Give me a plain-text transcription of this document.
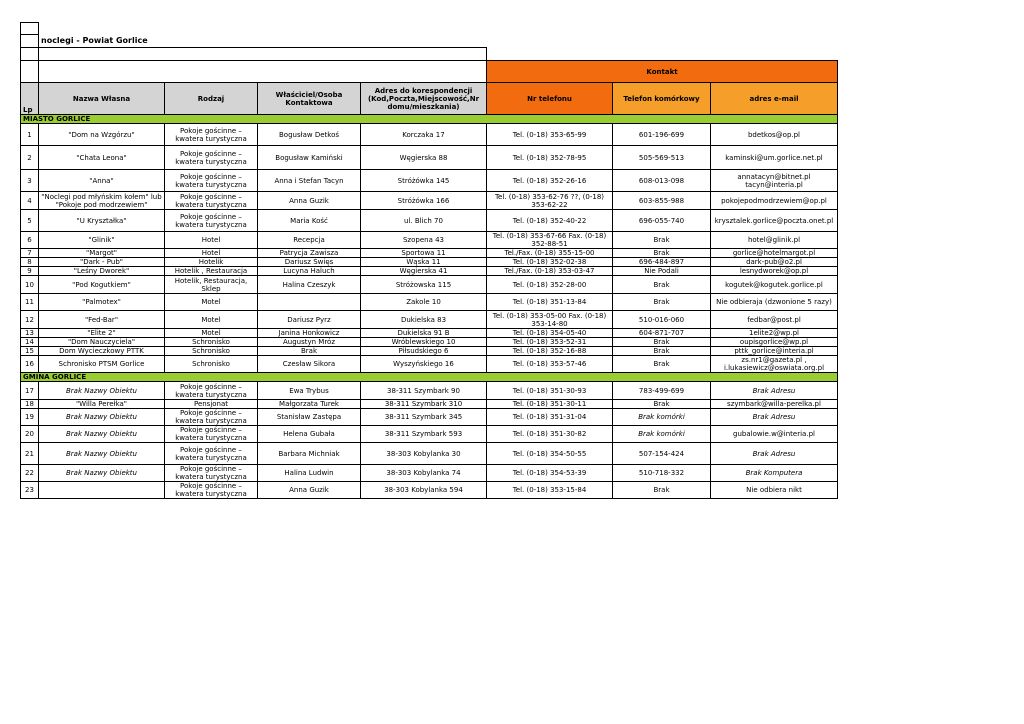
	noclegi - Powiat Gorlice						

					Kontakt		
Lp	Nazwa Własna	Rodzaj	Właściciel/Osoba Kontaktowa	Adres do korespondencji (Kod,Poczta,Miejscowość,Nr domu/mieszkania)	Nr telefonu	Telefon komórkowy	adres e-mail
MIASTO GORLICE							
1	"Dom na Wzgórzu"	Pokoje gościnne – kwatera turystyczna	Bogusław Detkoś	Korczaka 17	Tel. (0-18) 353-65-99	601-196-699	bdetkos@op.pl
2	"Chata Leona"	Pokoje gościnne – kwatera turystyczna	Bogusław Kamiński	Węgierska 88	Tel. (0-18) 352-78-95	505-569-513	kaminski@um.gorlice.net.pl
3	"Anna"	Pokoje gościnne – kwatera turystyczna	Anna i Stefan Tacyn	Stróżówka 145	Tel. (0-18) 352-26-16	608-013-098	annatacyn@bitnet.pl tacyn@interia.pl
4	"Noclegi pod młyńskim kołem" lub "Pokoje pod modrzewiem"	Pokoje gościnne – kwatera turystyczna	Anna Guzik	Stróżówka 166	Tel. (0-18) 353-62-76 ??, (0-18) 353-62-22	603-855-988	pokojepodmodrzewiem@op.pl
5	"U Kryształka"	Pokoje gościnne – kwatera turystyczna	Maria Kość	ul. Blich 70	Tel. (0-18) 352-40-22	696-055-740	krysztalek.gorlice@poczta.onet.pl
6	"Glinik"	Hotel	Recepcja	Szopena 43	Tel. (0-18) 353-67-66 Fax. (0-18) 352-88-51	Brak	hotel@glinik.pl
7	"Margot"	Hotel	Patrycja Zawisza	Sportowa 11	Tel./Fax. (0-18) 355-15-00	Brak	gorlice@hotelmargot.pl
8	"Dark - Pub"	Hotelik	Dariusz Święs	Wąska 11	Tel. (0-18) 352-02-38	696-484-897	dark-pub@o2.pl
9	"Leśny Dworek"	Hotelik , Restauracja	Lucyna Haluch	Węgierska 41	Tel./Fax. (0-18) 353-03-47	Nie Podali	lesnydworek@op.pl
10	"Pod Kogutkiem"	Hotelik, Restauracja, Sklep	Halina Czeszyk	Stróżowska 115	Tel. (0-18) 352-28-00	Brak	kogutek@kogutek.gorlice.pl
11	"Palmotex"	Motel		Zakole 10	Tel. (0-18) 351-13-84	Brak	Nie odbieraja (dzwonione 5 razy)
12	"Fed-Bar"	Motel	Dariusz Pyrz	Dukielska 83	Tel. (0-18) 353-05-00 Fax. (0-18) 353-14-80	510-016-060	fedbar@post.pl
13	"Elite 2"	Motel	Janina Honkowicz	Dukielska 91 B	Tel. (0-18) 354-05-40	604-871-707	1elite2@wp.pl
14	"Dom Nauczyciela"	Schronisko	Augustyn Mróz	Wróblewskiego 10	Tel. (0-18) 353-52-31	Brak	oupisgorlice@wp.pl
15	Dom Wycieczkowy PTTK	Schronisko	Brak	Piłsudskiego 6	Tel. (0-18) 352-16-88	Brak	pttk_gorlice@interia.pl
16	Schronisko PTSM Gorlice	Schronisko	Czesław Sikora	Wyszyńskiego 16	Tel. (0-18) 353-57-46	Brak	zs.nr1@gazeta.pl , i.lukasiewicz@oswiata.org.pl
GMINA GORLICE							
17	Brak Nazwy Obiektu	Pokoje gościnne – kwatera turystyczna	Ewa Trybus	38-311 Szymbark 90	Tel. (0-18) 351-30-93	783-499-699	Brak Adresu
18	"Willa Perełka"	Pensjonat	Małgorzata Turek	38-311 Szymbark 310	Tel. (0-18) 351-30-11	Brak	szymbark@willa-perelka.pl
19	Brak Nazwy Obiektu	Pokoje gościnne – kwatera turystyczna	Stanisław Zastępa	38-311 Szymbark 345	Tel. (0-18) 351-31-04	Brak komórki	Brak Adresu
20	Brak Nazwy Obiektu	Pokoje gościnne – kwatera turystyczna	Helena Gubała	38-311 Szymbark 593	Tel. (0-18) 351-30-82	Brak komórki	gubalowie.w@interia.pl
21	Brak Nazwy Obiektu	Pokoje gościnne – kwatera turystyczna	Barbara Michniak	38-303 Kobylanka 30	Tel. (0-18) 354-50-55	507-154-424	Brak Adresu
22	Brak Nazwy Obiektu	Pokoje gościnne – kwatera turystyczna	Halina Ludwin	38-303 Kobylanka 74	Tel. (0-18) 354-53-39	510-718-332	Brak Komputera
23		Pokoje gościnne – kwatera turystyczna	Anna Guzik	38-303 Kobylanka 594	Tel. (0-18) 353-15-84	Brak	Nie odbiera nikt
